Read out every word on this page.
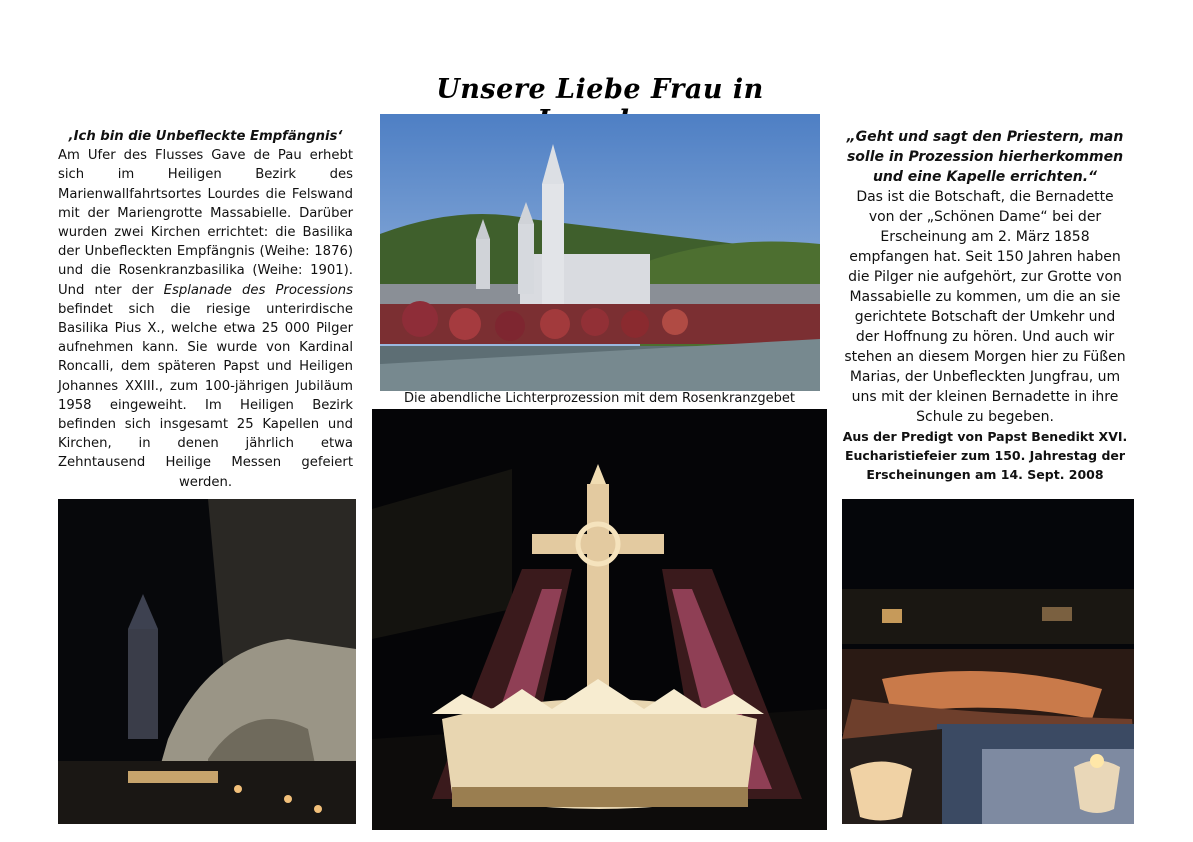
Unsere Liebe Frau in
‚Ich bin die Unbefleckte Empfängnis‘
Am Ufer des Flusses Gave de Pau erhebt sich im Heiligen Bezirk des Marienwallfahrtsortes Lourdes die Felswand mit der Mariengrotte Massabielle. Darüber wurden zwei Kirchen errichtet: die Basilika der Unbefleckten Empfängnis (Weihe: 1876) und die Rosenkranzbasilika (Weihe: 1901). Und nter der Esplanade des Processions befindet sich die riesige unterirdische Basilika Pius X., welche etwa 25 000 Pilger aufnehmen kann. Sie wurde von Kardinal Roncalli, dem späteren Papst und Heiligen Johannes XXIII., zum 100-jährigen Jubiläum 1958 eingeweiht. Im Heiligen Bezirk befinden sich insgesamt 25 Kapellen und Kirchen, in denen jährlich etwa Zehntausend Heilige Messen gefeiert werden.
„Geht und sagt den Priestern, man solle in Prozession hierherkommen und eine Kapelle errichten.“
Das ist die Botschaft, die Bernadette von der „Schönen Dame“ bei der Erscheinung am 2. März 1858 empfangen hat. Seit 150 Jahren haben die Pilger nie aufgehört, zur Grotte von Massabielle zu kommen, um die an sie gerichtete Botschaft der Umkehr und der Hoffnung zu hören. Und auch wir stehen an diesem Morgen hier zu Füßen Marias, der Unbefleckten Jungfrau, um uns mit der kleinen Bernadette in ihre Schule zu begeben.
Aus der Predigt von Papst Benedikt XVI.
Eucharistiefeier zum 150. Jahrestag der
Erscheinungen am 14. Sept. 2008
Die abendliche Lichterprozession mit dem Rosenkranzgebet
